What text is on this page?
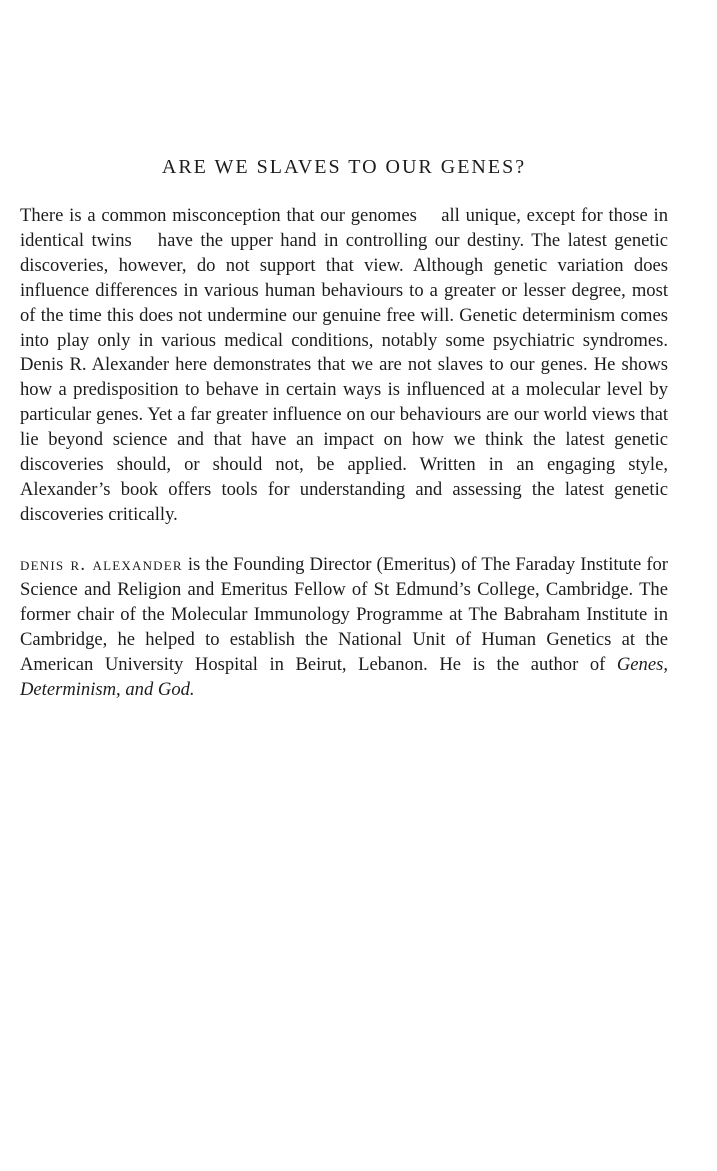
ARE WE SLAVES TO OUR GENES?

There is a common misconception that our genomes  all unique, except for those in identical twins  have the upper hand in controlling our destiny. The latest genetic discoveries, however, do not support that view. Although genetic variation does influence differences in various human behaviours to a greater or lesser degree, most of the time this does not undermine our genuine free will. Genetic determinism comes into play only in various medical conditions, notably some psychiatric syndromes. Denis R. Alexander here demonstrates that we are not slaves to our genes. He shows how a predisposition to behave in certain ways is influenced at a molecular level by particular genes. Yet a far greater influence on our behaviours are our world views that lie beyond science and that have an impact on how we think the latest genetic discoveries should, or should not, be applied. Written in an engaging style, Alexander’s book offers tools for understanding and assessing the latest genetic discoveries critically.

denis r. alexander is the Founding Director (Emeritus) of The Faraday Institute for Science and Religion and Emeritus Fellow of St Edmund’s College, Cambridge. The former chair of the Molecular Immunology Programme at The Babraham Institute in Cambridge, he helped to establish the National Unit of Human Genetics at the American University Hospital in Beirut, Lebanon. He is the author of Genes, Determinism, and God.
